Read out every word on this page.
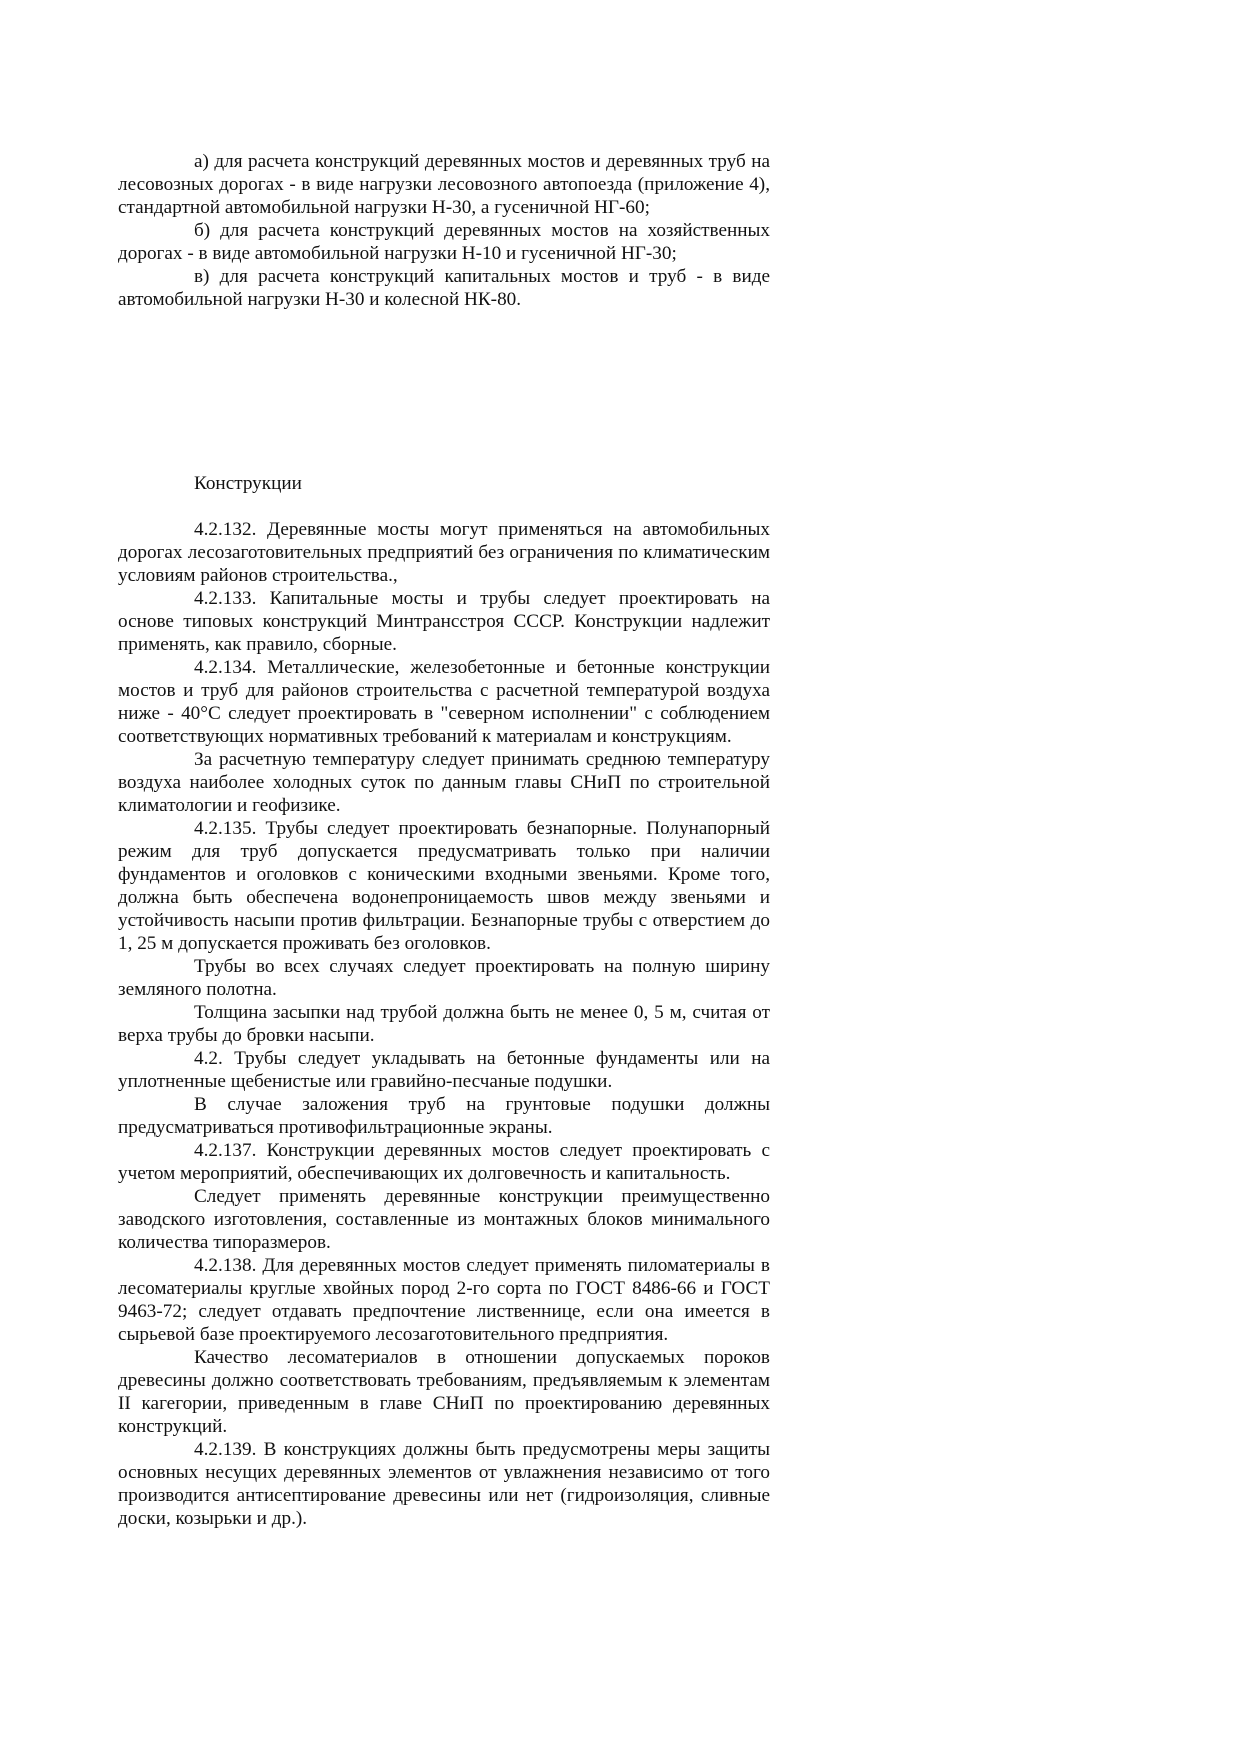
а) для расчета конструкций деревянных мостов и деревянных труб на лесовозных дорогах - в виде нагрузки лесовозного автопоезда (приложение 4), стандартной автомобильной нагрузки Н-30, а гусеничной НГ-60;

б) для расчета конструкций деревянных мостов на хозяйственных дорогах - в виде автомобильной нагрузки Н-10 и гусеничной НГ-30;

в) для расчета конструкций капитальных мостов и труб - в виде автомобильной нагрузки Н-30 и колесной НК-80.

Конструкции

4.2.132. Деревянные мосты могут применяться на автомобильных дорогах лесозаготовительных предприятий без ограничения по климатическим условиям районов строительства.,

4.2.133. Капитальные мосты и трубы следует проектировать на основе типовых конструкций Минтрансстроя СССР. Конструкции надлежит применять, как правило, сборные.

4.2.134. Металлические, железобетонные и бетонные конструкции мостов и труб для районов строительства с расчетной температурой воздуха ниже - 40°С следует проектировать в "северном исполнении" с соблюдением соответствующих нормативных требований к материалам и конструкциям.

За расчетную температуру следует принимать среднюю температуру воздуха наиболее холодных суток по данным главы СНиП по строительной климатологии и геофизике.

4.2.135. Трубы следует проектировать безнапорные. Полунапорный режим для труб допускается предусматривать только при наличии фундаментов и оголовков с коническими входными звеньями. Кроме того, должна быть обеспечена водонепроницаемость швов между звеньями и устойчивость насыпи против фильтрации. Безнапорные трубы с отверстием до 1, 25 м допускается проживать без оголовков.

Трубы во всех случаях следует проектировать на полную ширину земляного полотна.

Толщина засыпки над трубой должна быть не менее 0, 5 м, считая от верха трубы до бровки насыпи.

4.2. Трубы следует укладывать на бетонные фундаменты или на уплотненные щебенистые или гравийно-песчаные подушки.

В случае заложения труб на грунтовые подушки должны предусматриваться противофильтрационные экраны.

4.2.137. Конструкции деревянных мостов следует проектировать с учетом мероприятий, обеспечивающих их долговечность и капитальность.

Следует применять деревянные конструкции преимущественно заводского изготовления, составленные из монтажных блоков минимального количества типоразмеров.

4.2.138. Для деревянных мостов следует применять пиломатериалы в лесоматериалы круглые хвойных пород 2-го сорта по ГОСТ 8486-66 и ГОСТ 9463-72; следует отдавать предпочтение лиственнице, если она имеется в сырьевой базе проектируемого лесозаготовительного предприятия.

Качество лесоматериалов в отношении допускаемых пороков древесины должно соответствовать требованиям, предъявляемым к элементам II кагегории, приведенным в главе СНиП по проектированию деревянных конструкций.

4.2.139. В конструкциях должны быть предусмотрены меры защиты основных несущих деревянных элементов от увлажнения независимо от того производится антисептирование древесины или нет (гидроизоляция, сливные доски, козырьки и др.).
